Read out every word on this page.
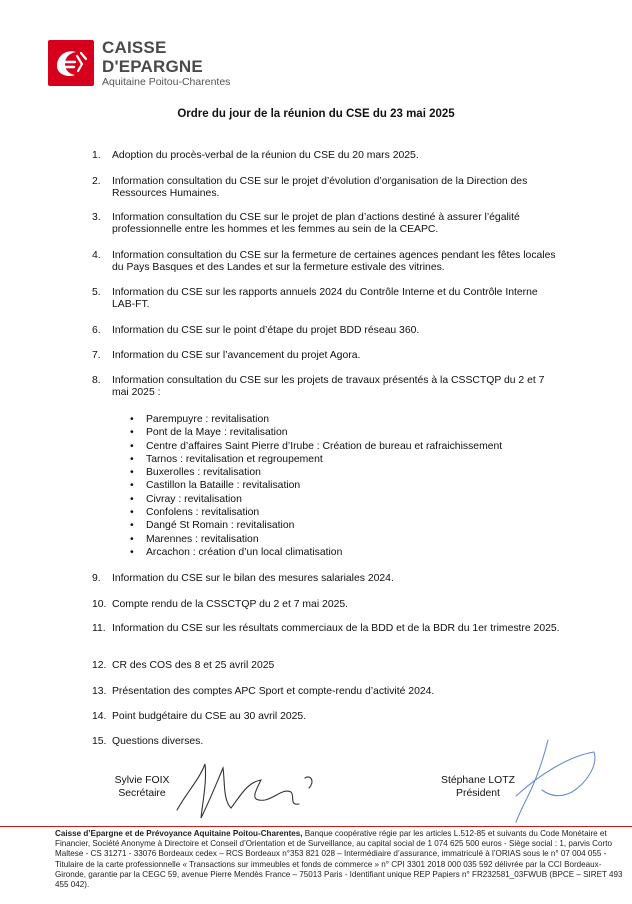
CAISSE
D'EPARGNE
Aquitaine Poitou-Charentes
Ordre du jour de la réunion du CSE du 23 mai 2025
1.	Adoption du procès-verbal de la réunion du CSE du 20 mars 2025.
2.	Information consultation du CSE sur le projet d’évolution d’organisation de la Direction des Ressources Humaines.
3.	Information consultation du CSE sur le projet de plan d’actions destiné à assurer l’égalité professionnelle entre les hommes et les femmes au sein de la CEAPC.
4.	Information consultation du CSE sur la fermeture de certaines agences pendant les fêtes locales du Pays Basques et des Landes et sur la fermeture estivale des vitrines.
5.	Information du CSE sur les rapports annuels 2024 du Contrôle Interne et du Contrôle Interne LAB-FT.
6.	Information du CSE sur le point d’étape du projet BDD réseau 360.
7.	Information du CSE sur l’avancement du projet Agora.
8.	Information consultation du CSE sur les projets de travaux présentés à la CSSCTQP du 2 et 7 mai 2025 :
9.	Information du CSE sur le bilan des mesures salariales 2024.
10. Compte rendu de la CSSCTQP du 2 et 7 mai 2025.
11. Information du CSE sur les résultats commerciaux de la BDD et de la BDR du 1er trimestre 2025.
12. CR des COS des 8 et 25 avril 2025
13. Présentation des comptes APC Sport et compte-rendu d’activité 2024.
14. Point budgétaire du CSE au 30 avril 2025.
15. Questions diverses.
• Parempuyre : revitalisation
• Pont de la Maye : revitalisation
• Centre d’affaires Saint Pierre d’Irube : Création de bureau et rafraichissement
• Tarnos : revitalisation et regroupement
• Buxerolles : revitalisation
• Castillon la Bataille : revitalisation
• Civray : revitalisation
• Confolens : revitalisation
• Dangé St Romain : revitalisation
• Marennes : revitalisation
• Arcachon : création d’un local climatisation
Sylvie FOIX
Secrétaire
Stéphane LOTZ
Président
Caisse d’Epargne et de Prévoyance Aquitaine Poitou-Charentes, Banque coopérative régie par les articles L.512-85 et suivants du Code Monétaire et Financier, Société Anonyme à Directoire et Conseil d’Orientation et de Surveillance, au capital social de 1 074 625 500 euros - Siège social : 1, parvis Corto Maltese - CS 31271 - 33076 Bordeaux cedex – RCS Bordeaux n°353 821 028 – Intermédiaire d’assurance, immatriculé à l’ORIAS sous le n° 07 004 055 - Titulaire de la carte professionnelle « Transactions sur immeubles et fonds de commerce » n° CPI 3301 2018 000 035 592 délivrée par la CCI Bordeaux-Gironde, garantie par la CEGC 59, avenue Pierre Mendès France – 75013 Paris - Identifiant unique REP Papiers n° FR232581_03FWUB (BPCE – SIRET 493 455 042).
